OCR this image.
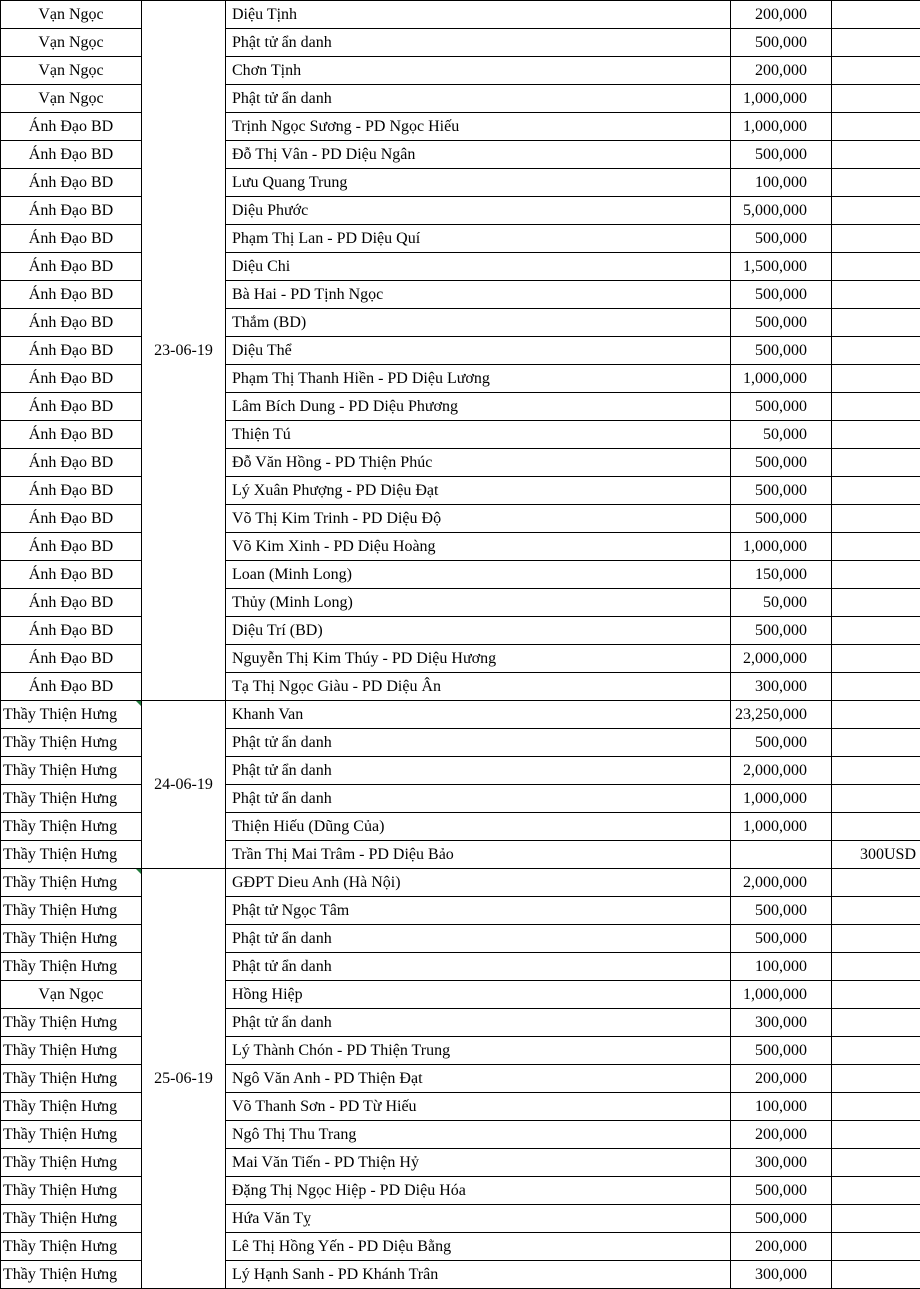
Vạn Ngọc	23-06-19	Diệu Tịnh	200,000		
Vạn Ngọc		Phật tử ẩn danh	500,000		
Vạn Ngọc		Chơn Tịnh	200,000		
Vạn Ngọc		Phật tử ẩn danh	1,000,000		
Ánh Đạo BD		Trịnh Ngọc Sương - PD Ngọc Hiếu	1,000,000		
Ánh Đạo BD		Đỗ Thị Vân - PD Diệu Ngân	500,000		
Ánh Đạo BD		Lưu Quang Trung	100,000		
Ánh Đạo BD		Diệu Phước	5,000,000		
Ánh Đạo BD		Phạm Thị Lan - PD Diệu Quí	500,000		
Ánh Đạo BD		Diệu Chi	1,500,000		
Ánh Đạo BD		Bà Hai - PD Tịnh Ngọc	500,000		
Ánh Đạo BD		Thắm (BD)	500,000		
Ánh Đạo BD		Diệu Thể	500,000		
Ánh Đạo BD		Phạm Thị Thanh Hiền - PD Diệu Lương	1,000,000		
Ánh Đạo BD		Lâm Bích Dung - PD Diệu Phương	500,000		
Ánh Đạo BD		Thiện Tú	50,000		
Ánh Đạo BD		Đỗ Văn Hồng - PD Thiện Phúc	500,000		
Ánh Đạo BD		Lý Xuân Phượng - PD Diệu Đạt	500,000		
Ánh Đạo BD		Võ Thị Kim Trinh - PD Diệu Độ	500,000		
Ánh Đạo BD		Võ Kim Xinh - PD Diệu Hoàng	1,000,000		
Ánh Đạo BD		Loan (Minh Long)	150,000		
Ánh Đạo BD		Thủy (Minh Long)	50,000		
Ánh Đạo BD		Diệu Trí (BD)	500,000		
Ánh Đạo BD		Nguyễn Thị Kim Thúy - PD Diệu Hương	2,000,000		
Ánh Đạo BD		Tạ Thị Ngọc Giàu - PD Diệu Ân	300,000		
Thầy Thiện Hưng	24-06-19	Khanh Van	23,250,000		
Thầy Thiện Hưng		Phật tử ẩn danh	500,000		
Thầy Thiện Hưng		Phật tử ẩn danh	2,000,000		
Thầy Thiện Hưng		Phật tử ẩn danh	1,000,000		
Thầy Thiện Hưng		Thiện Hiếu (Dũng Của)	1,000,000		
Thầy Thiện Hưng		Trần Thị Mai Trâm - PD Diệu Bảo		300USD	
Thầy Thiện Hưng	25-06-19	GĐPT Dieu Anh (Hà Nội)	2,000,000		
Thầy Thiện Hưng		Phật tử Ngọc Tâm	500,000		
Thầy Thiện Hưng		Phật tử ẩn danh	500,000		
Thầy Thiện Hưng		Phật tử ẩn danh	100,000		
Vạn Ngọc		Hồng Hiệp	1,000,000		
Thầy Thiện Hưng		Phật tử ẩn danh	300,000		
Thầy Thiện Hưng		Lý Thành Chón - PD Thiện Trung	500,000		
Thầy Thiện Hưng		Ngô Văn Anh - PD Thiện Đạt	200,000		
Thầy Thiện Hưng		Võ Thanh Sơn - PD Từ Hiếu	100,000		
Thầy Thiện Hưng		Ngô Thị Thu Trang	200,000		
Thầy Thiện Hưng		Mai Văn Tiến - PD Thiện Hỷ	300,000		
Thầy Thiện Hưng		Đặng Thị Ngọc Hiệp - PD Diệu Hóa	500,000		
Thầy Thiện Hưng		Hứa Văn Tỵ	500,000		
Thầy Thiện Hưng		Lê Thị Hồng Yến - PD Diệu Bằng	200,000		
Thầy Thiện Hưng		Lý Hạnh Sanh - PD Khánh Trân	300,000		
